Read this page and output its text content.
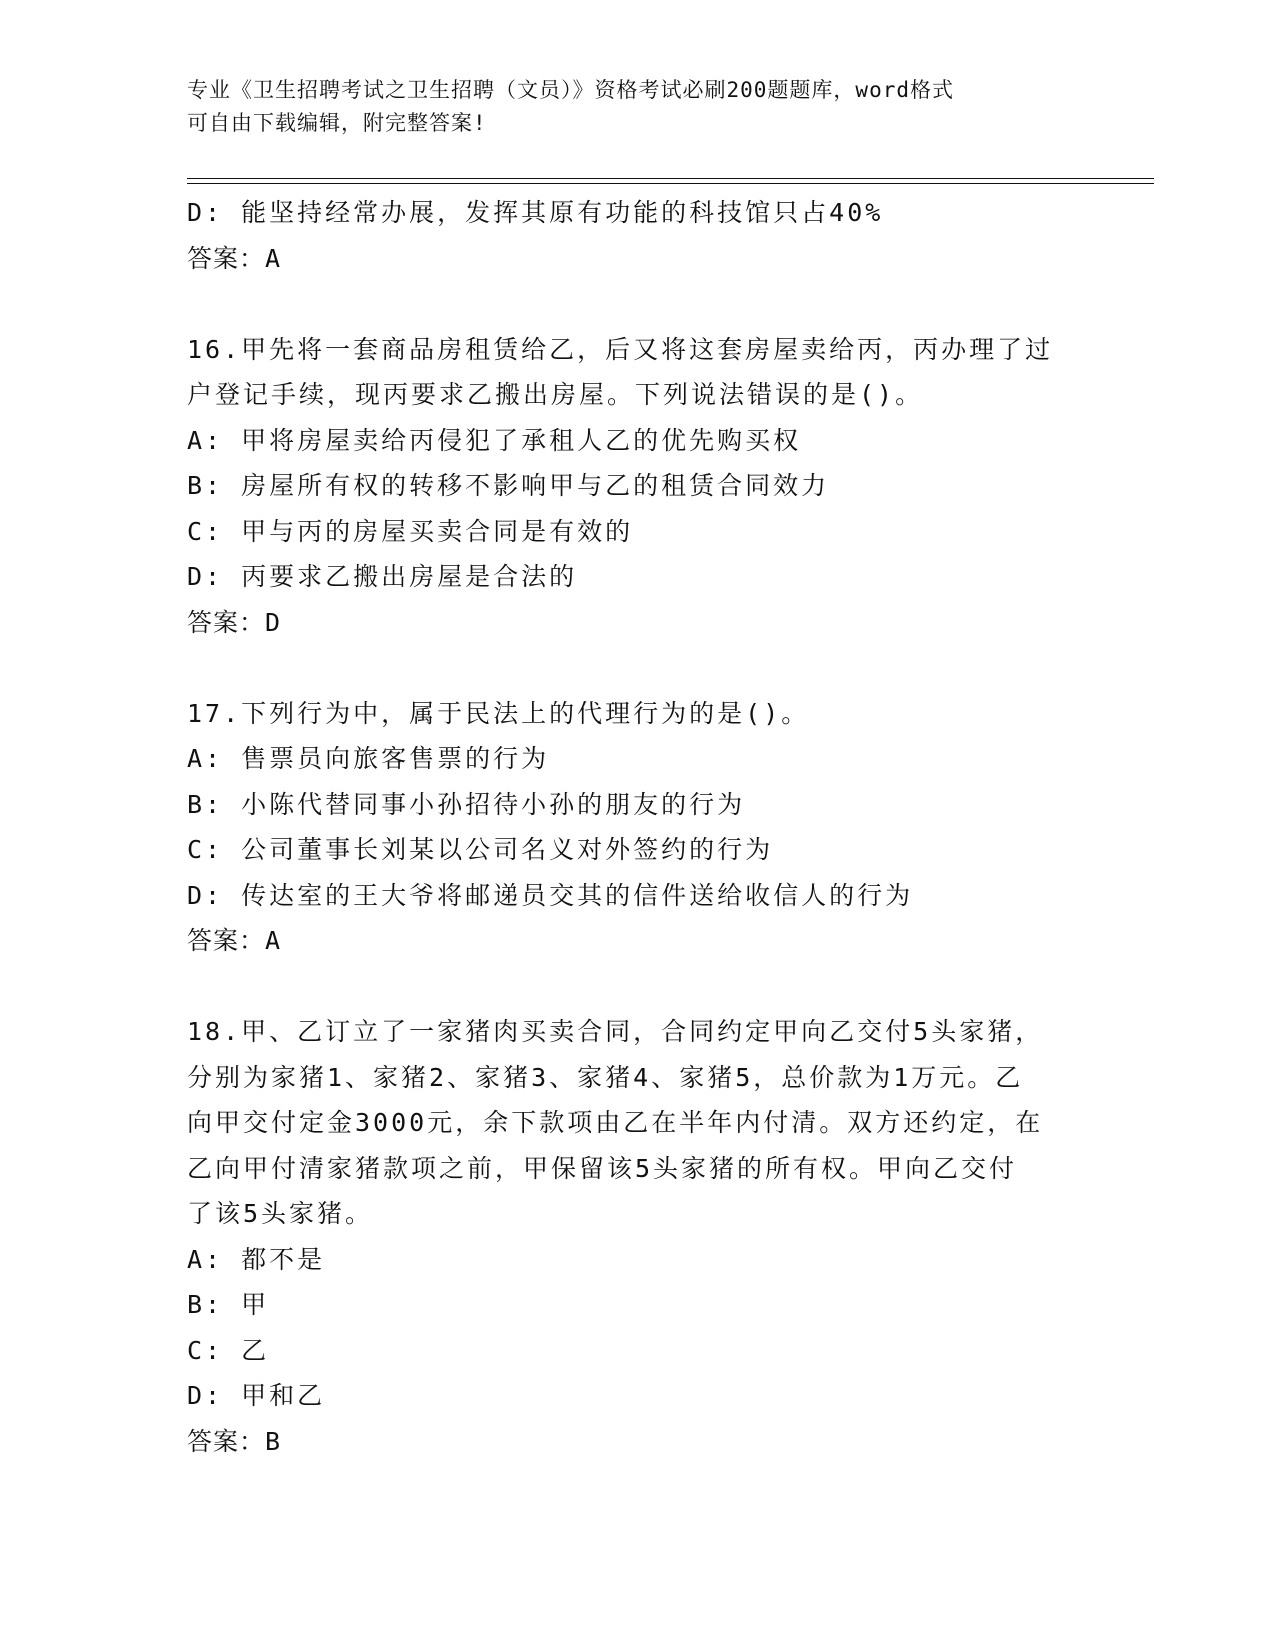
专业《卫生招聘考试之卫生招聘（文员）》资格考试必刷200题题库，word格式
可自由下载编辑，附完整答案!
D: 能坚持经常办展，发挥其原有功能的科技馆只占40%
答案：A
16.甲先将一套商品房租赁给乙，后又将这套房屋卖给丙，丙办理了过
户登记手续，现丙要求乙搬出房屋。下列说法错误的是()。
A: 甲将房屋卖给丙侵犯了承租人乙的优先购买权
B: 房屋所有权的转移不影响甲与乙的租赁合同效力
C: 甲与丙的房屋买卖合同是有效的
D: 丙要求乙搬出房屋是合法的
答案：D
17.下列行为中，属于民法上的代理行为的是()。
A: 售票员向旅客售票的行为
B: 小陈代替同事小孙招待小孙的朋友的行为
C: 公司董事长刘某以公司名义对外签约的行为
D: 传达室的王大爷将邮递员交其的信件送给收信人的行为
答案：A
18.甲、乙订立了一家猪肉买卖合同，合同约定甲向乙交付5头家猪，
分别为家猪1、家猪2、家猪3、家猪4、家猪5，总价款为1万元。乙
向甲交付定金3000元，余下款项由乙在半年内付清。双方还约定，在
乙向甲付清家猪款项之前，甲保留该5头家猪的所有权。甲向乙交付
了该5头家猪。
A: 都不是
B: 甲
C: 乙
D: 甲和乙
答案：B
